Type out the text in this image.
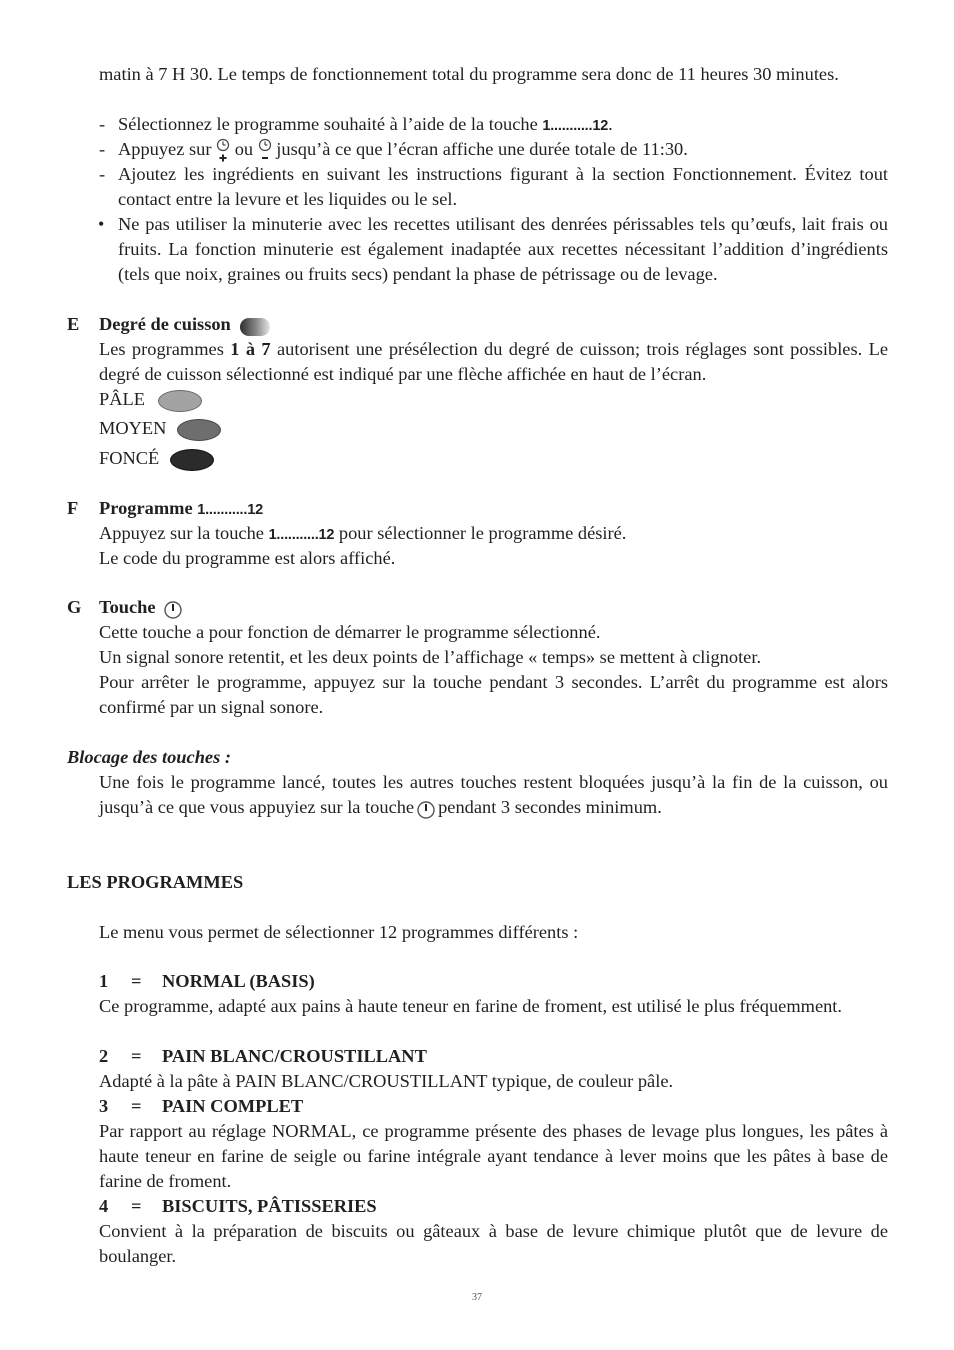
matin à 7 H 30. Le temps de fonctionnement total du programme sera donc de 11 heures 30 minutes.
- Sélectionnez le programme souhaité à l’aide de la touche 1...........12.
- Appuyez sur ou jusqu’à ce que l’écran affiche une durée totale de 11:30.
- Ajoutez les ingrédients en suivant les instructions figurant à la section Fonctionnement. Évitez tout contact entre la levure et les liquides ou le sel.
• Ne pas utiliser la minuterie avec les recettes utilisant des denrées périssables tels qu’œufs, lait frais ou fruits. La fonction minuterie est également inadaptée aux recettes nécessitant l’addition d’ingrédients (tels que noix, graines ou fruits secs) pendant la phase de pétrissage ou de levage.
E Degré de cuisson
Les programmes 1 à 7 autorisent une présélection du degré de cuisson; trois réglages sont possibles. Le degré de cuisson sélectionné est indiqué par une flèche affichée en haut de l’écran.
PÂLE
MOYEN
FONCÉ
F Programme 1...........12
Appuyez sur la touche 1...........12 pour sélectionner le programme désiré.
Le code du programme est alors affiché.
G Touche
Cette touche a pour fonction de démarrer le programme sélectionné.
Un signal sonore retentit, et les deux points de l’affichage « temps» se mettent à clignoter.
Pour arrêter le programme, appuyez sur la touche pendant 3 secondes. L’arrêt du programme est alors confirmé par un signal sonore.
Blocage des touches :
Une fois le programme lancé, toutes les autres touches restent bloquées jusqu’à la fin de la cuisson, ou jusqu’à ce que vous appuyiez sur la touche pendant 3 secondes minimum.
LES PROGRAMMES
Le menu vous permet de sélectionner 12 programmes différents :
1 = NORMAL (BASIS)
Ce programme, adapté aux pains à haute teneur en farine de froment, est utilisé le plus fréquemment.
2 = PAIN BLANC/CROUSTILLANT
Adapté à la pâte à PAIN BLANC/CROUSTILLANT typique, de couleur pâle.
3 = PAIN COMPLET
Par rapport au réglage NORMAL, ce programme présente des phases de levage plus longues, les pâtes à haute teneur en farine de seigle ou farine intégrale ayant tendance à lever moins que les pâtes à base de farine de froment.
4 = BISCUITS, PÂTISSERIES
Convient à la préparation de biscuits ou gâteaux à base de levure chimique plutôt que de levure de boulanger.
37
